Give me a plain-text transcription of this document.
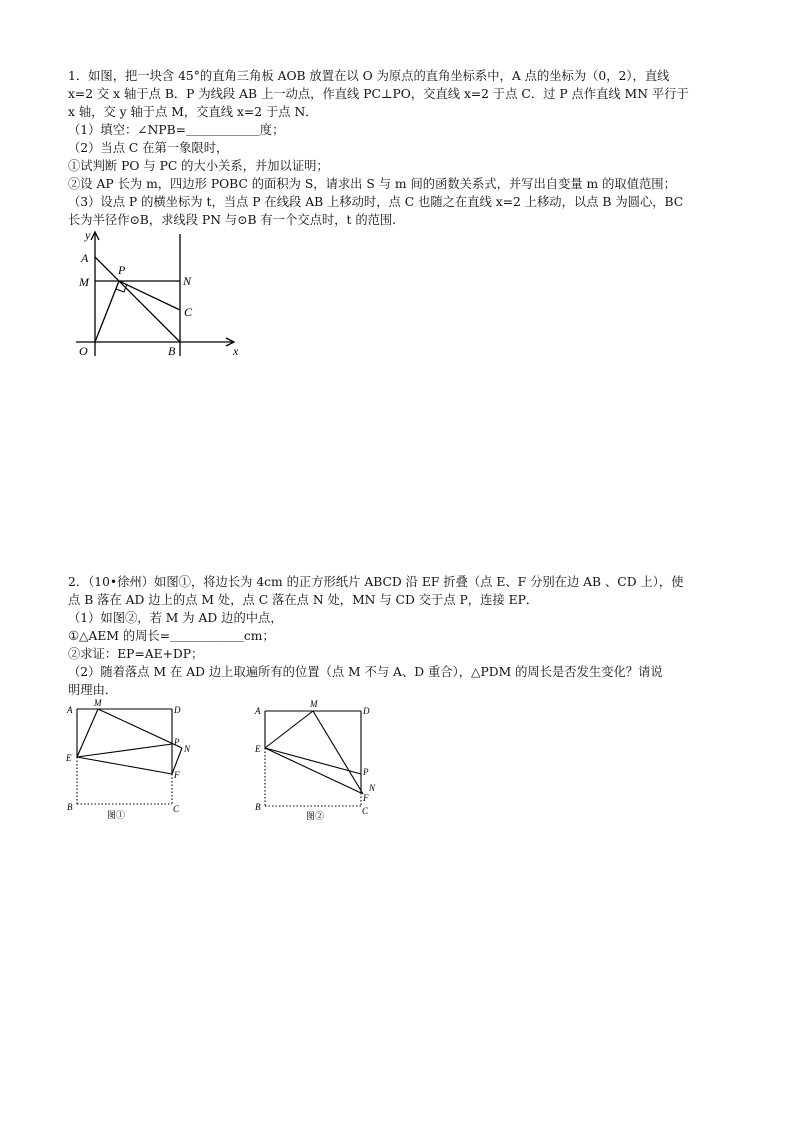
1．如图，把一块含 45°的直角三角板 AOB 放置在以 O 为原点的直角坐标系中，A 点的坐标为（0，2），直线
x=2 交 x 轴于点 B．P 为线段 AB 上一动点，作直线 PC⊥PO，交直线 x=2 于点 C．过 P 点作直线 MN 平行于
x 轴，交 y 轴于点 M，交直线 x=2 于点 N．
（1）填空：∠NPB=＿＿＿＿＿＿度；
（2）当点 C 在第一象限时，
①试判断 PO 与 PC 的大小关系，并加以证明；
②设 AP 长为 m，四边形 POBC 的面积为 S，请求出 S 与 m 间的函数关系式，并写出自变量 m 的取值范围；
（3）设点 P 的横坐标为 t，当点 P 在线段 AB 上移动时，点 C 也随之在直线 x=2 上移动，以点 B 为圆心，BC
长为半径作⊙B，求线段 PN 与⊙B 有一个交点时，t 的范围．
y
A
P
M	N
C
O	B	x
2．（10•徐州）如图①，将边长为 4cm 的正方形纸片 ABCD 沿 EF 折叠（点 E、F 分别在边 AB 、CD 上），使
点 B 落在 AD 边上的点 M 处，点 C 落在点 N 处，MN 与 CD 交于点 P，连接 EP．
（1）如图②，若 M 为 AD 边的中点，
①△AEM 的周长=＿＿＿＿＿＿cm；
②求证：EP=AE+DP；
（2）随着落点 M 在 AD 边上取遍所有的位置（点 M 不与 A、D 重合），△PDM 的周长是否发生变化？请说
明理由．
A
M
D
P
N
E
F
B	C
图①
A
M
D
E
P
N
F
B	C
图②
